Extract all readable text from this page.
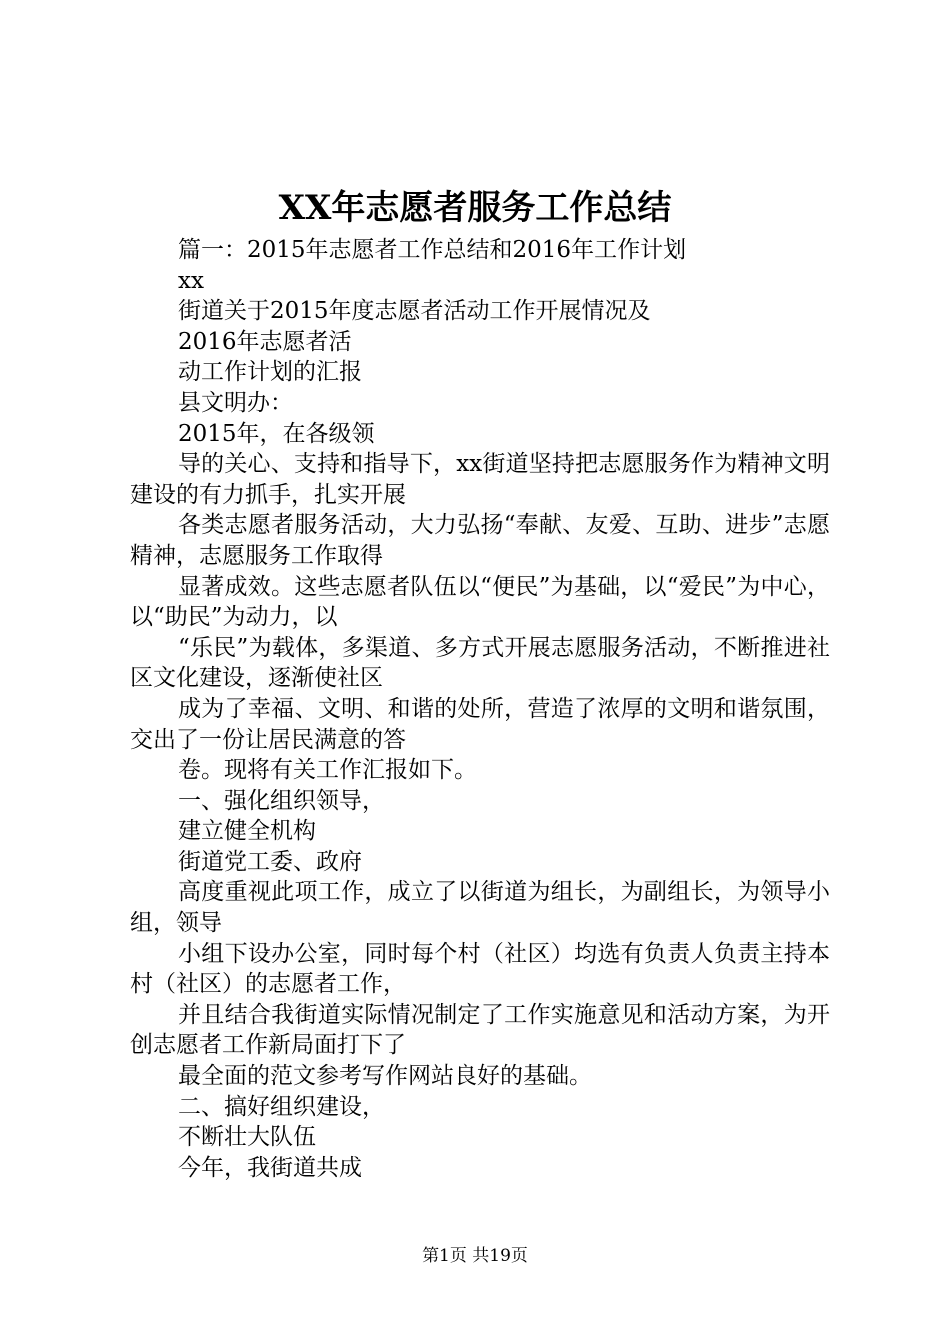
XX年志愿者服务工作总结

篇一：2015年志愿者工作总结和2016年工作计划

xx

街道关于2015年度志愿者活动工作开展情况及

2016年志愿者活

动工作计划的汇报

县文明办：

2015年，在各级领

导的关心、支持和指导下，xx街道坚持把志愿服务作为精神文明建设的有力抓手，扎实开展

各类志愿者服务活动，大力弘扬“奉献、友爱、互助、进步”志愿精神，志愿服务工作取得

显著成效。这些志愿者队伍以“便民”为基础，以“爱民”为中心，以“助民”为动力，以

“乐民”为载体，多渠道、多方式开展志愿服务活动，不断推进社区文化建设，逐渐使社区

成为了幸福、文明、和谐的处所，营造了浓厚的文明和谐氛围，交出了一份让居民满意的答

卷。现将有关工作汇报如下。

一、强化组织领导，

建立健全机构

街道党工委、政府

高度重视此项工作，成立了以街道为组长，为副组长，为领导小组，领导

小组下设办公室，同时每个村（社区）均选有负责人负责主持本村（社区）的志愿者工作，

并且结合我街道实际情况制定了工作实施意见和活动方案，为开创志愿者工作新局面打下了

最全面的范文参考写作网站良好的基础。

二、搞好组织建设，

不断壮大队伍

今年，我街道共成

第1页 共19页
